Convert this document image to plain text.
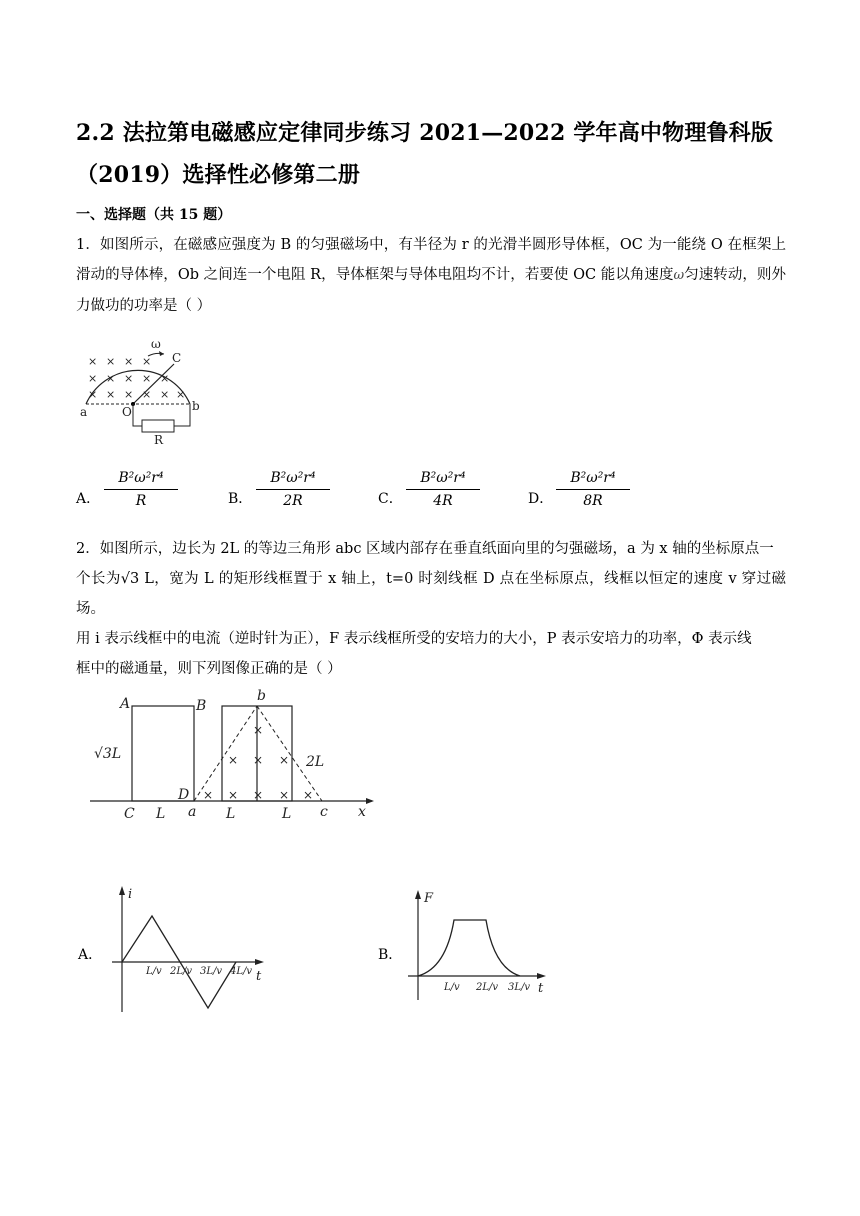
2.2 法拉第电磁感应定律同步练习 2021—2022 学年高中物理鲁科版（2019）选择性必修第二册
一、选择题（共 15 题）
1．如图所示，在磁感应强度为 B 的匀强磁场中，有半径为 r 的光滑半圆形导体框，OC 为一能绕 O 在框架上滑动的导体棒，Ob 之间连一个电阻 R，导体框架与导体电阻均不计，若要使 OC 能以角速度ω匀速转动，则外力做功的功率是（ ）
× × × ×
× × × × ×
× × × × × ×
ω
C
a	O	b
R
A．
B²ω²r⁴
R	B．
B²ω²r⁴
2R	C．
B²ω²r⁴
4R	D．
B²ω²r⁴
8R
2．如图所示，边长为 2L 的等边三角形 abc 区域内部存在垂直纸面向里的匀强磁场，a 为 x 轴的坐标原点一
个长为√3 L，宽为 L 的矩形线框置于 x 轴上，t=0 时刻线框 D 点在坐标原点，线框以恒定的速度 v 穿过磁场。
用 i 表示线框中的电流（逆时针为正），F 表示线框所受的安培力的大小，P 表示安培力的功率，Φ 表示线
框中的磁通量，则下列图像正确的是（ ）
× × × × ×
× × ×
×
A	B
√3L
C L
D
a L	L c x
b
2L
A．
i
t
L/v 2L/v 3L/v 4L/v
B．
F
t
L/v 2L/v 3L/v
